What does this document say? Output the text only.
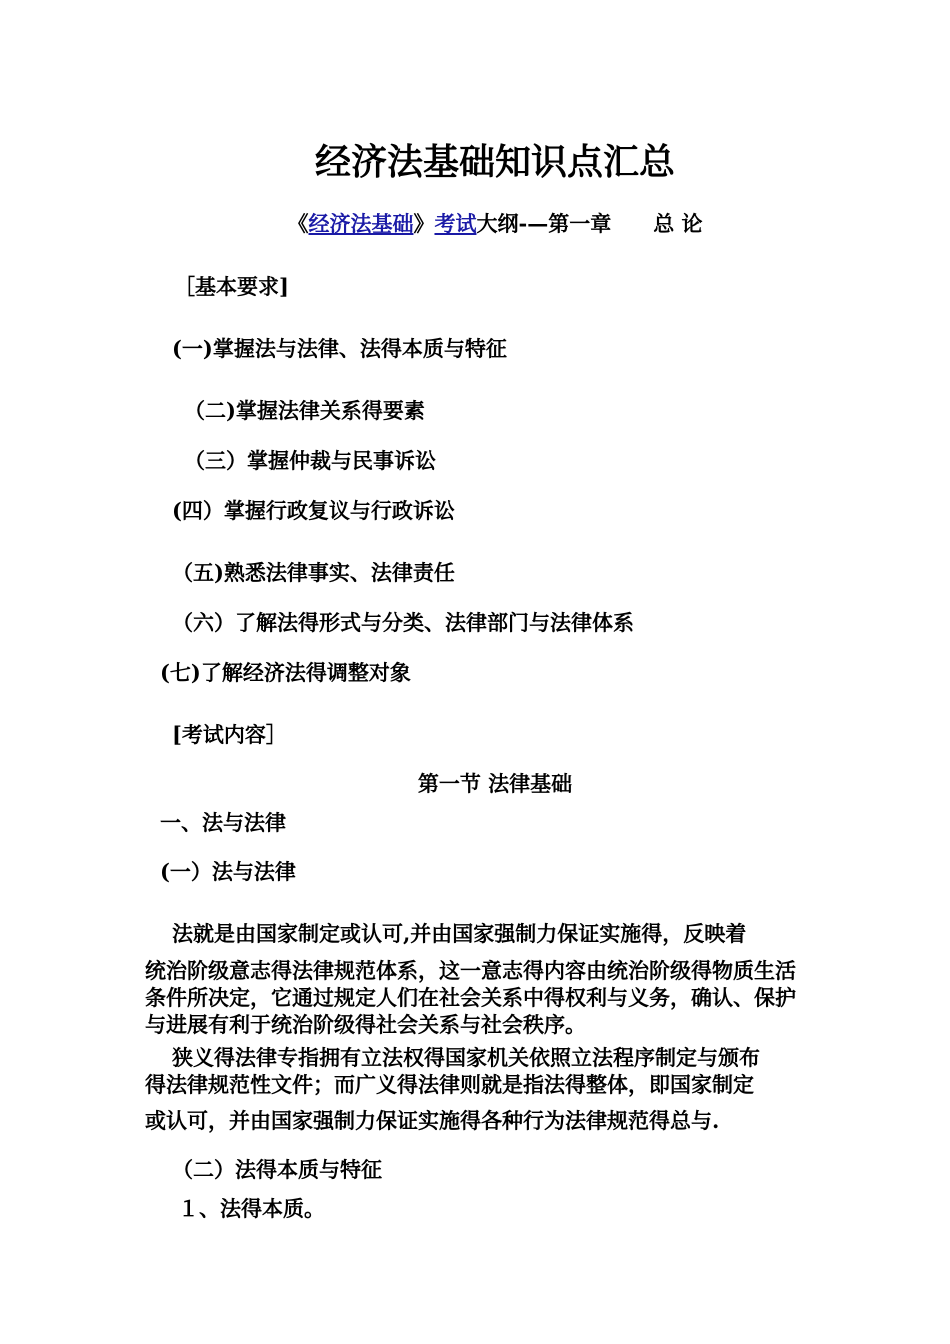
经济法基础知识点汇总
《经济法基础》考试大纲-—第一章　　总 论
［基本要求]
(一)掌握法与法律、法得本质与特征
（二)掌握法律关系得要素
（三）掌握仲裁与民事诉讼
(四）掌握行政复议与行政诉讼
（五)熟悉法律事实、法律责任
（六）了解法得形式与分类、法律部门与法律体系
(七)了解经济法得调整对象
[考试内容］
第一节 法律基础
一、法与法律
(一）法与法律
法就是由国家制定或认可,并由国家强制力保证实施得，反映着
统治阶级意志得法律规范体系，这一意志得内容由统治阶级得物质生活条件所决定，它通过规定人们在社会关系中得权利与义务，确认、保护与进展有利于统治阶级得社会关系与社会秩序。
狭义得法律专指拥有立法权得国家机关依照立法程序制定与颁布
得法律规范性文件；而广义得法律则就是指法得整体，即国家制定
或认可，并由国家强制力保证实施得各种行为法律规范得总与.
（二）法得本质与特征
１、法得本质。
